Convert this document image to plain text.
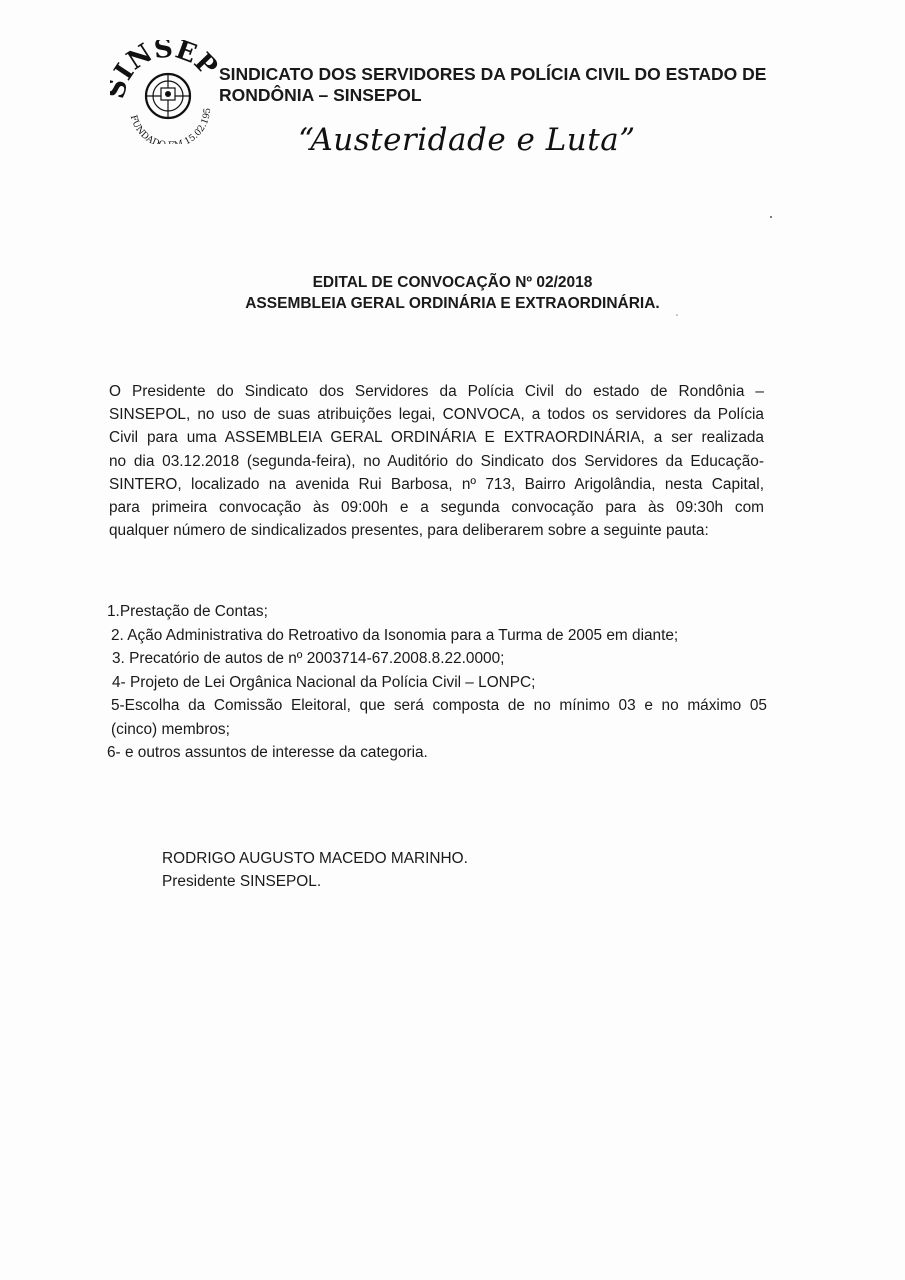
INSEP
FUNDAD 15.02.195
SINDICATO DOS SERVIDORES DA POLÍCIA CIVIL DO ESTADO DE
RONDÔNIA – SINSEPOL
“Austeridade e Luta”
EDITAL DE CONVOCAÇÃO Nº 02/2018
ASSEMBLEIA GERAL ORDINÁRIA E EXTRAORDINÁRIA.
O Presidente do Sindicato dos Servidores da Polícia Civil do estado de Rondônia –
SINSEPOL, no uso de suas atribuições legai, CONVOCA, a todos os servidores da Polícia
Civil para uma ASSEMBLEIA GERAL ORDINÁRIA E EXTRAORDINÁRIA, a ser realizada
no dia 03.12.2018 (segunda-feira), no Auditório do Sindicato dos Servidores da Educação-
SINTERO, localizado na avenida Rui Barbosa, nº 713, Bairro Arigolândia, nesta Capital,
para primeira convocação às 09:00h e a segunda convocação para às 09:30h com
qualquer número de sindicalizados presentes, para deliberarem sobre a seguinte pauta:
1.Prestação de Contas;
2. Ação Administrativa do Retroativo da Isonomia para a Turma de 2005 em diante;
3. Precatório de autos de nº 2003714-67.2008.8.22.0000;
4- Projeto de Lei Orgânica Nacional da Polícia Civil – LONPC;
5-Escolha da Comissão Eleitoral, que será composta de no mínimo 03 e no máximo 05
(cinco) membros;
6- e outros assuntos de interesse da categoria.
RODRIGO AUGUSTO MACEDO MARINHO.
Presidente SINSEPOL.
